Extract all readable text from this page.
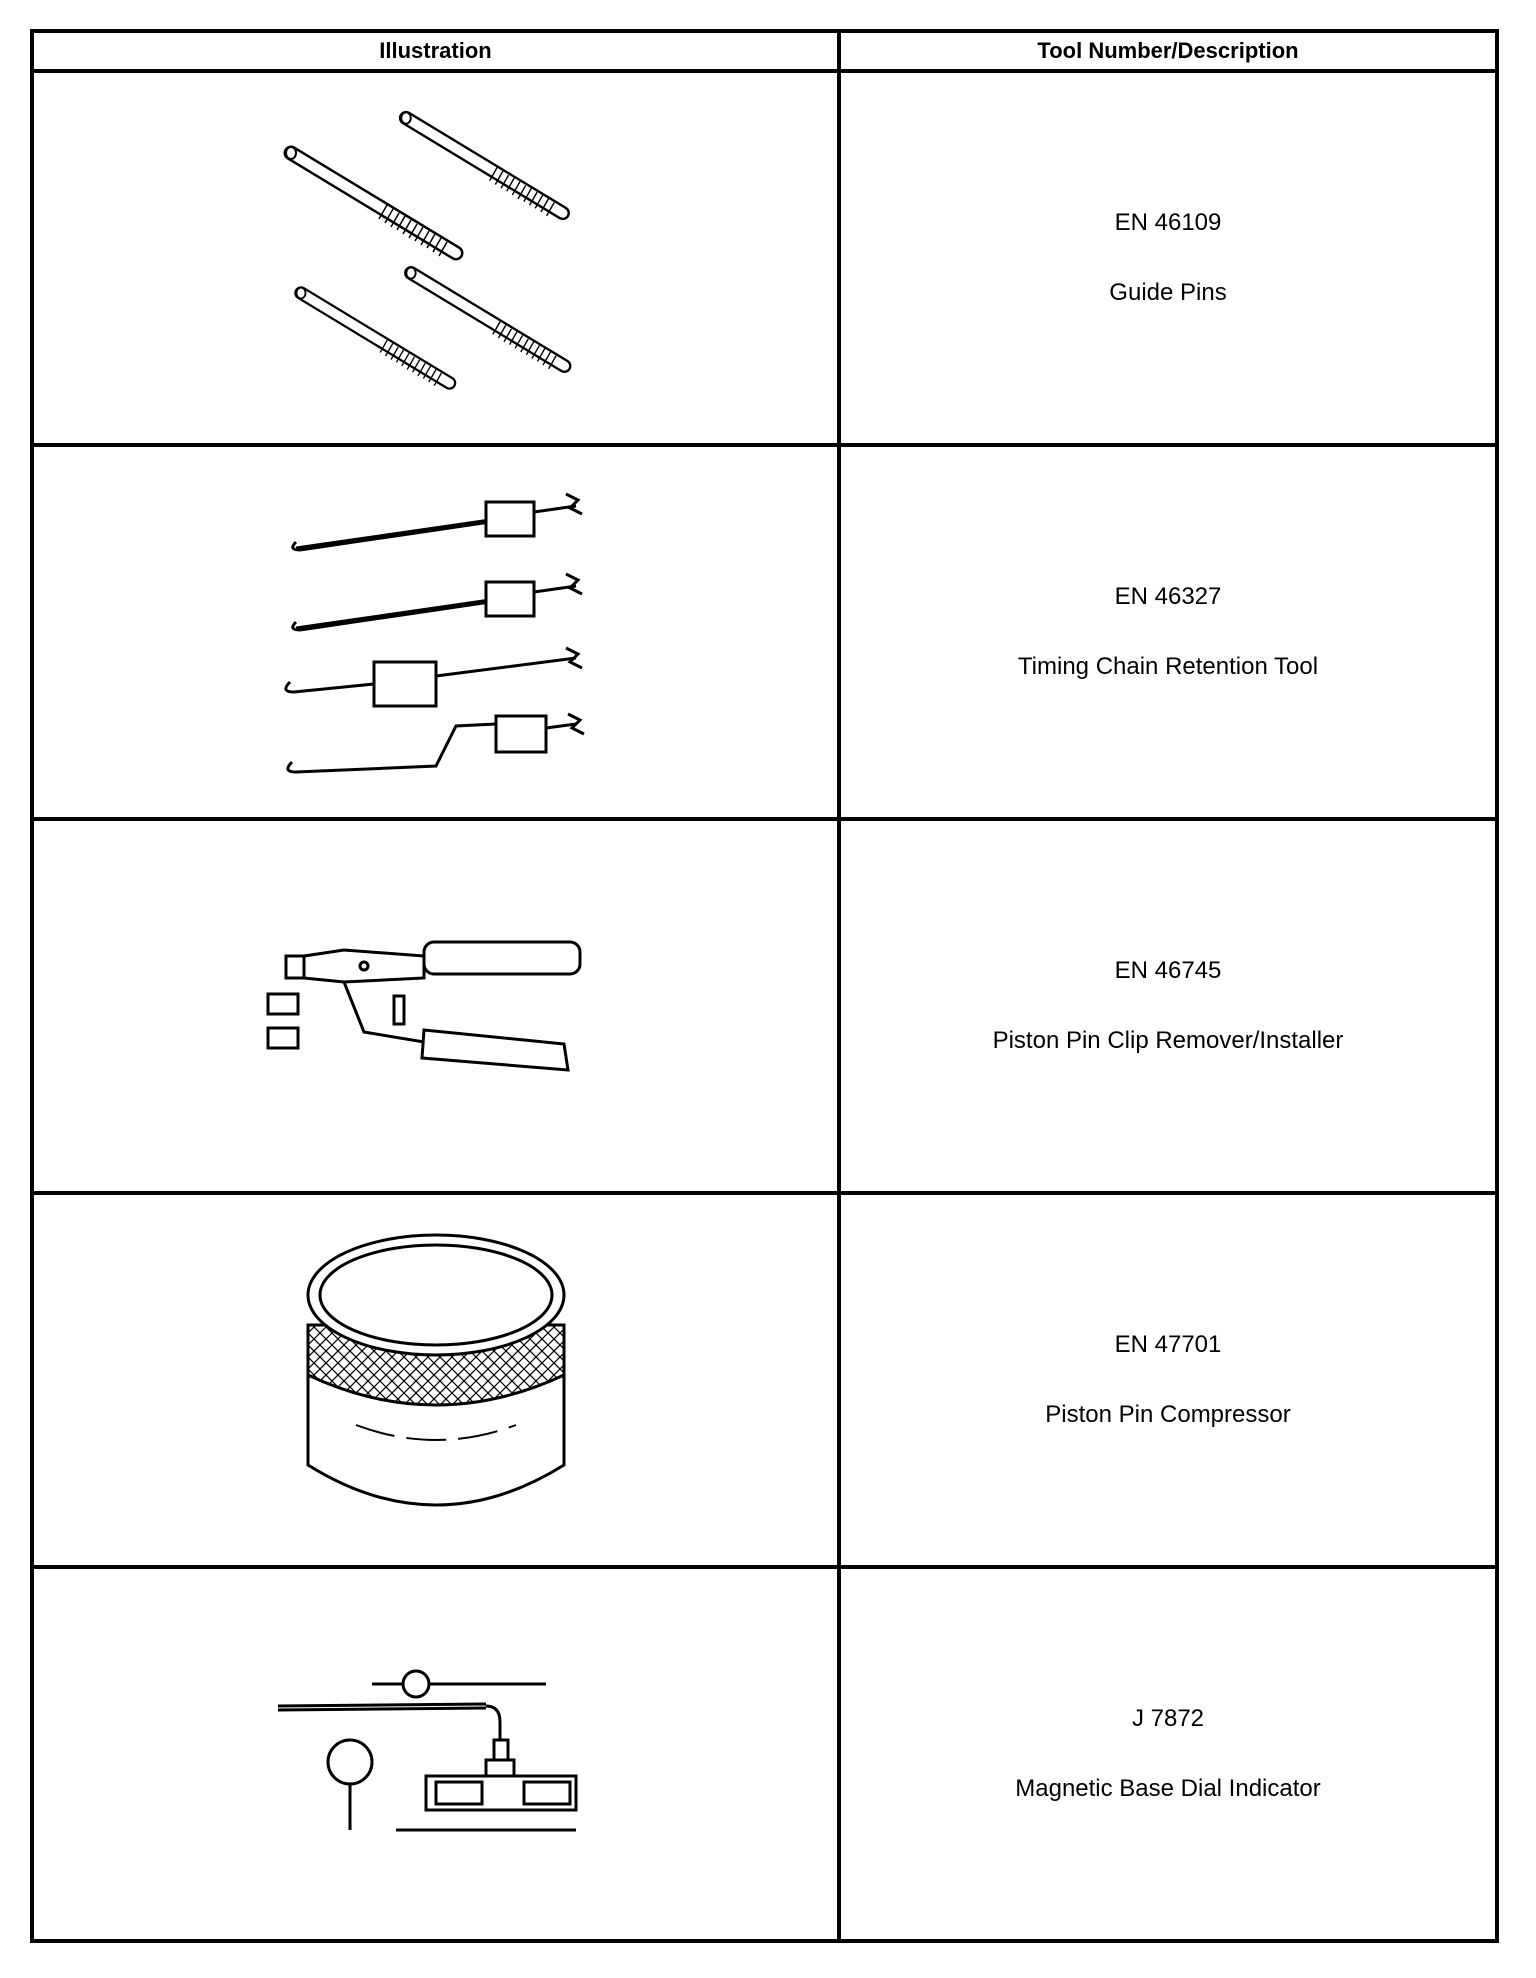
Illustration	Tool Number/Description

EN 46109
Guide Pins

EN 46327
Timing Chain Retention Tool

EN 46745
Piston Pin Clip Remover/Installer

EN 47701
Piston Pin Compressor

J 7872
Magnetic Base Dial Indicator
